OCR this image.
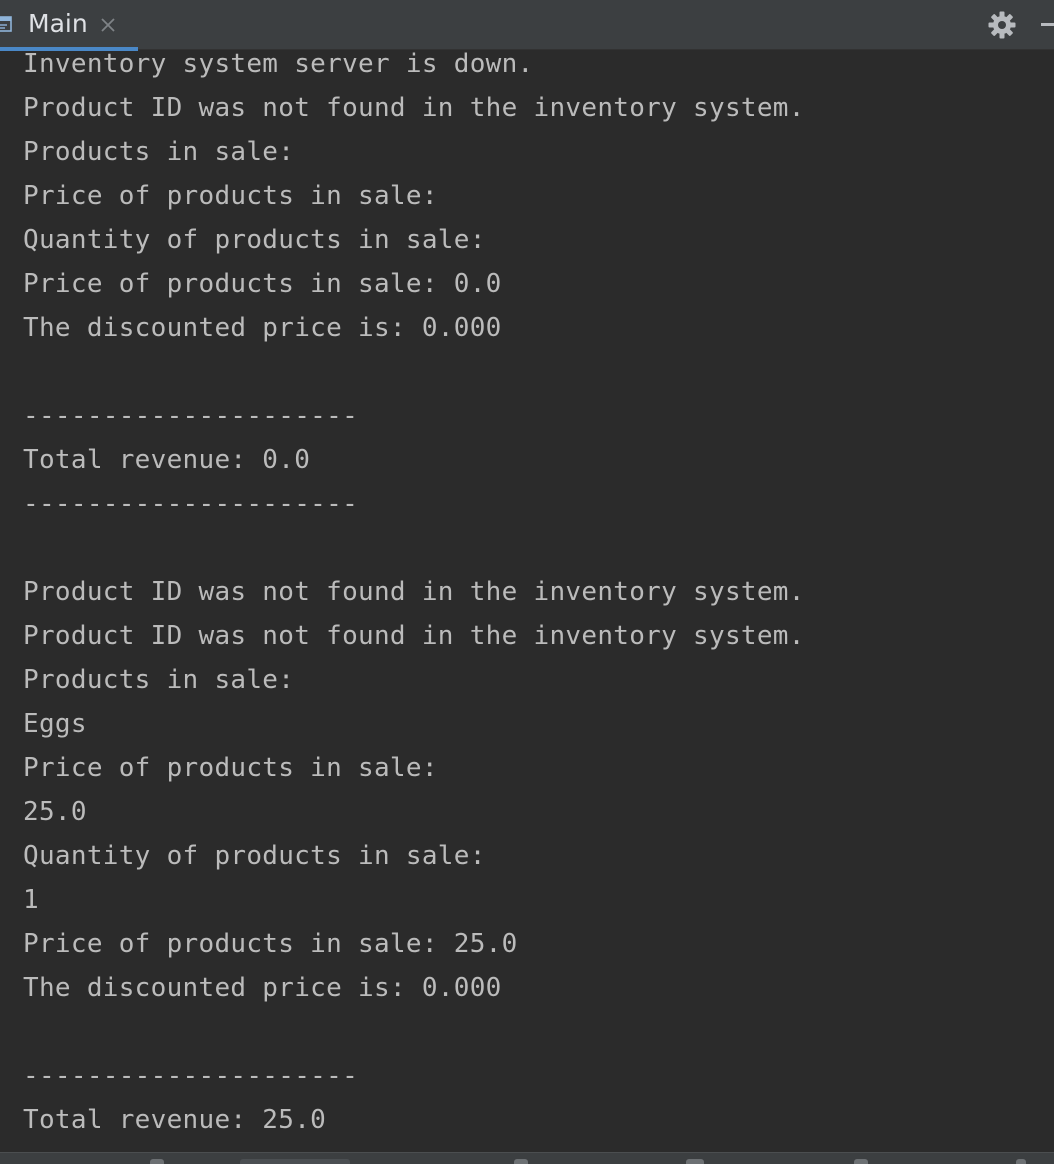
Main
Inventory system server is down.
Product ID was not found in the inventory system.
Products in sale:
Price of products in sale:
Quantity of products in sale:
Price of products in sale: 0.0
The discounted price is: 0.000
---------------------
Total revenue: 0.0
---------------------
Product ID was not found in the inventory system.
Product ID was not found in the inventory system.
Products in sale:
Eggs
Price of products in sale:
25.0
Quantity of products in sale:
1
Price of products in sale: 25.0
The discounted price is: 0.000
---------------------
Total revenue: 25.0
